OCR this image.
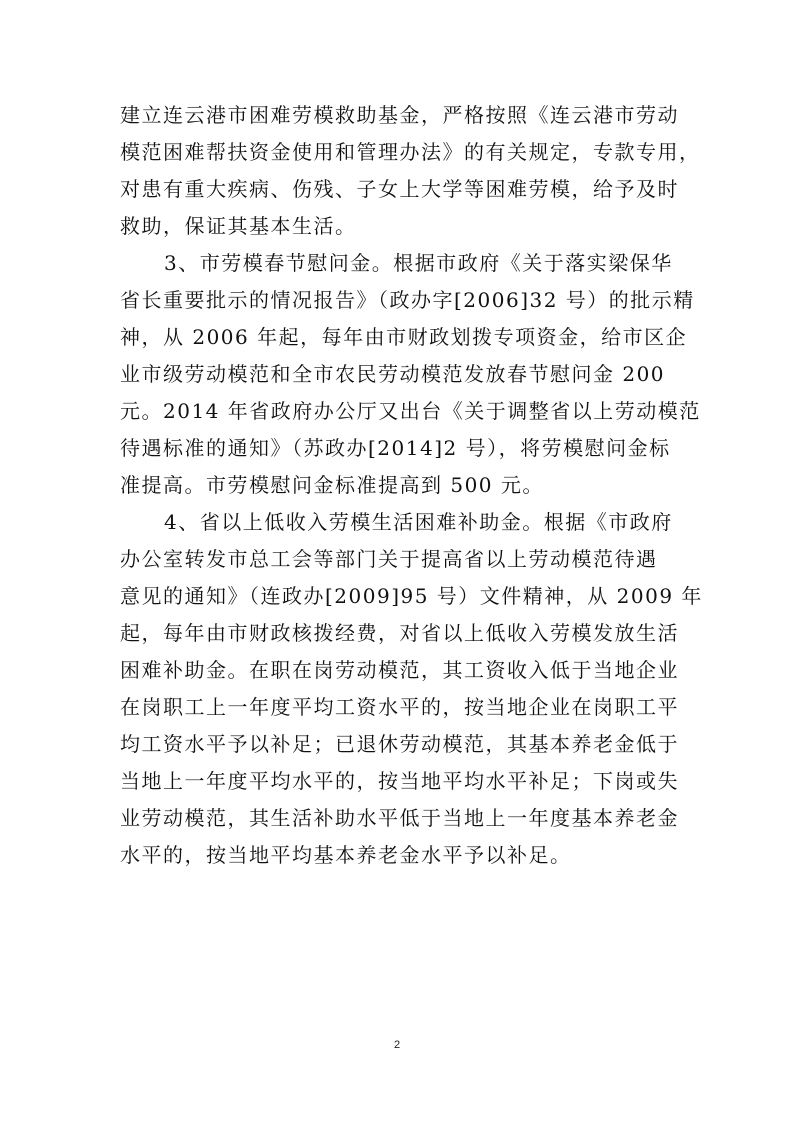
建立连云港市困难劳模救助基金，严格按照《连云港市劳动
模范困难帮扶资金使用和管理办法》的有关规定，专款专用，
对患有重大疾病、伤残、子女上大学等困难劳模，给予及时
救助，保证其基本生活。

3、市劳模春节慰问金。根据市政府《关于落实梁保华
省长重要批示的情况报告》（政办字[2006]32 号）的批示精
神，从 2006 年起，每年由市财政划拨专项资金，给市区企
业市级劳动模范和全市农民劳动模范发放春节慰问金 200
元。2014 年省政府办公厅又出台《关于调整省以上劳动模范
待遇标准的通知》（苏政办[2014]2 号），将劳模慰问金标
准提高。市劳模慰问金标准提高到 500 元。

4、省以上低收入劳模生活困难补助金。根据《市政府
办公室转发市总工会等部门关于提高省以上劳动模范待遇
意见的通知》（连政办[2009]95 号）文件精神，从 2009 年
起，每年由市财政核拨经费，对省以上低收入劳模发放生活
困难补助金。在职在岗劳动模范，其工资收入低于当地企业
在岗职工上一年度平均工资水平的，按当地企业在岗职工平
均工资水平予以补足；已退休劳动模范，其基本养老金低于
当地上一年度平均水平的，按当地平均水平补足；下岗或失
业劳动模范，其生活补助水平低于当地上一年度基本养老金
水平的，按当地平均基本养老金水平予以补足。

2
